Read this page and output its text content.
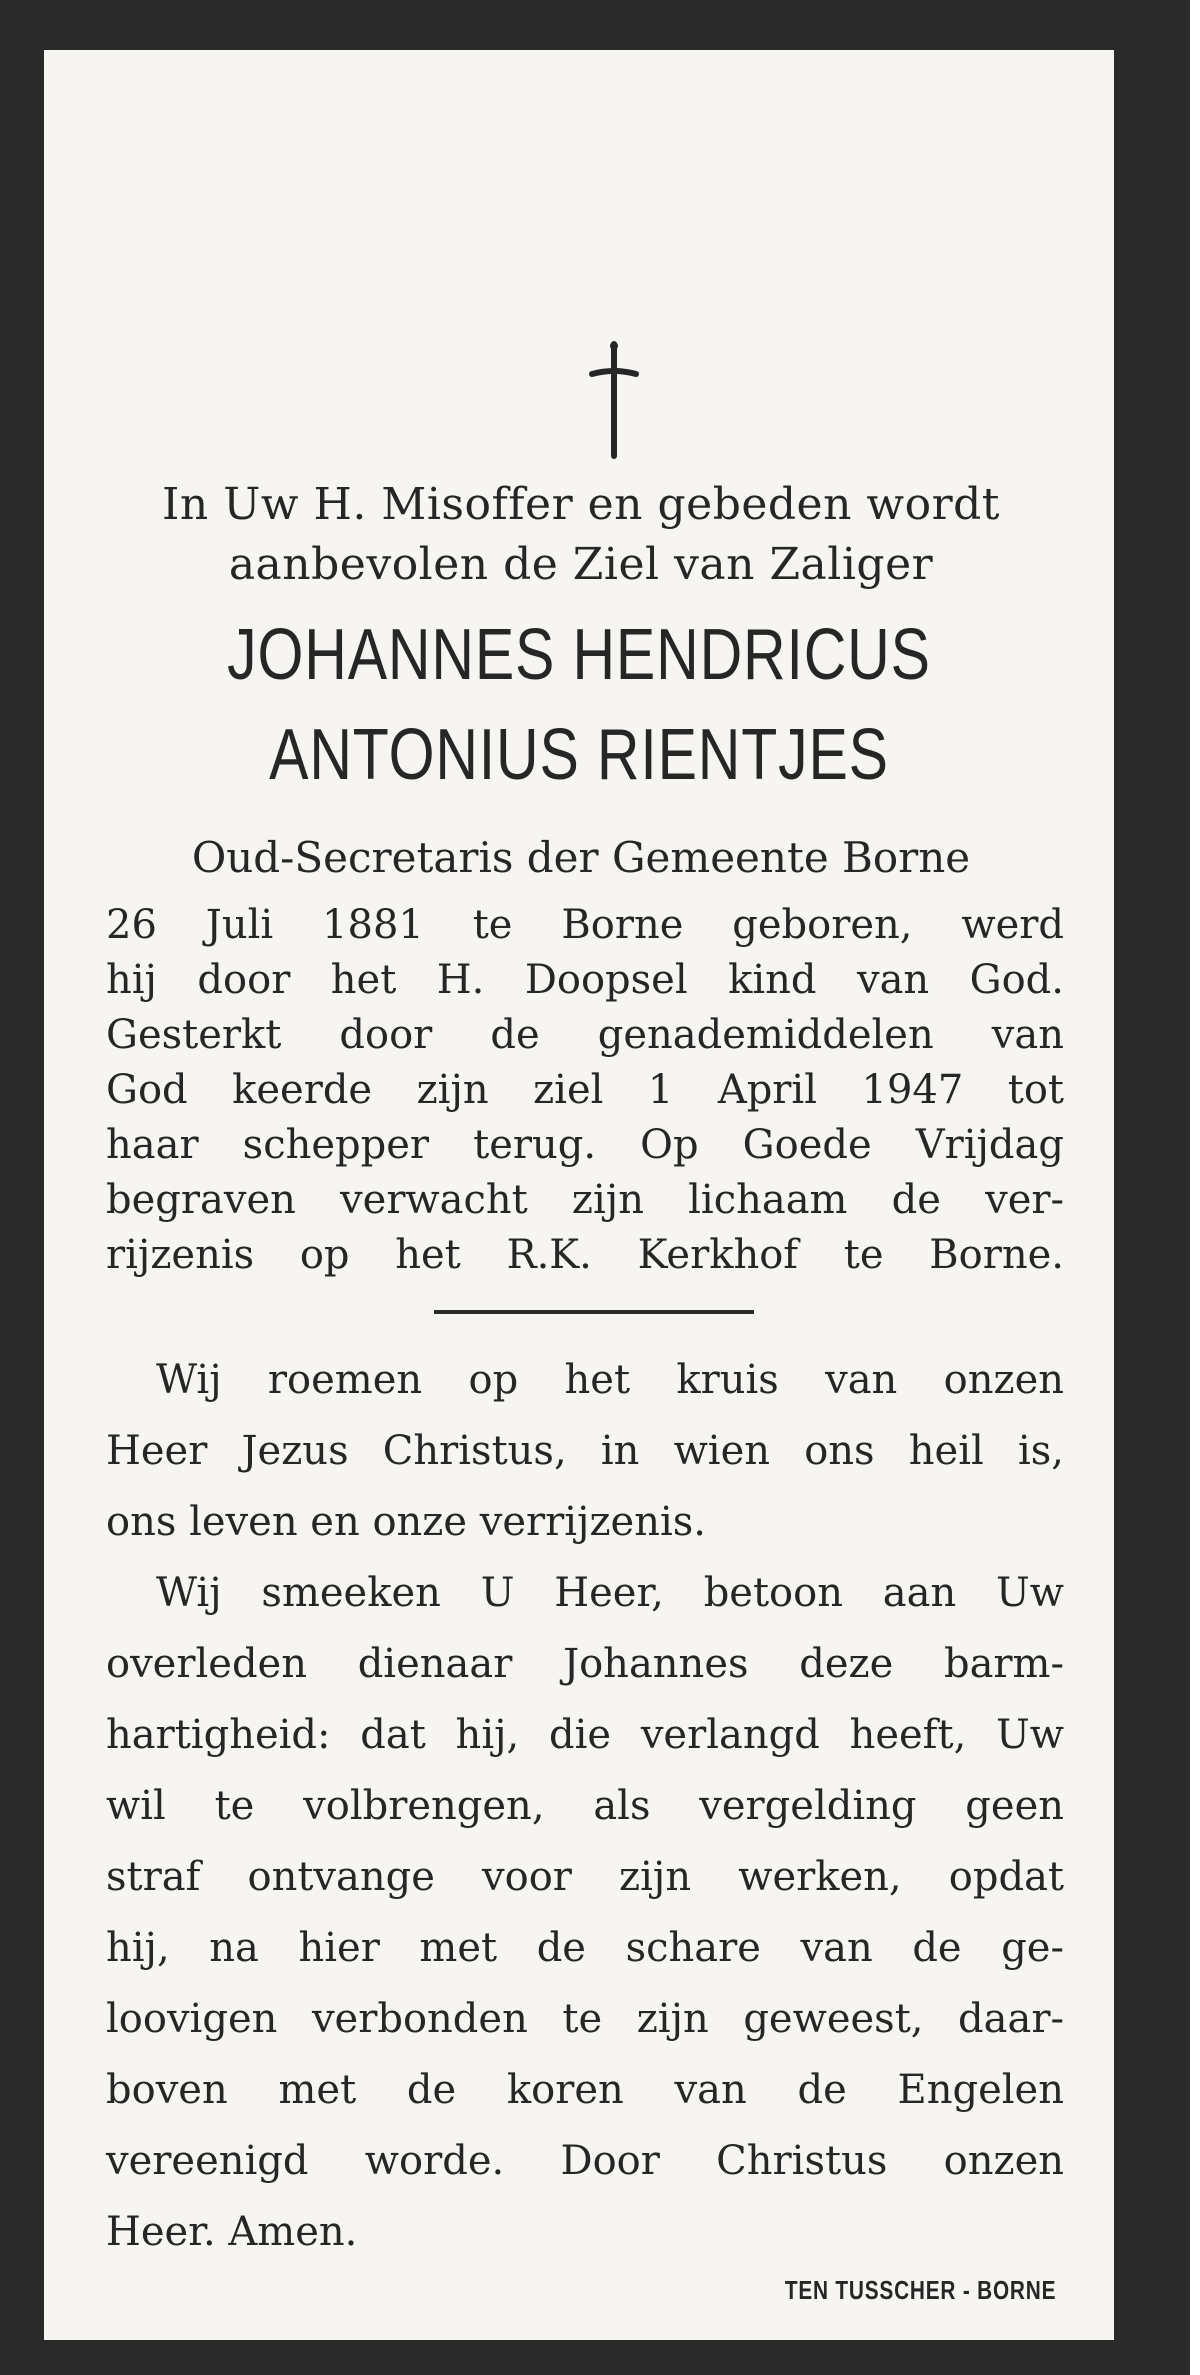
In Uw H. Misoffer en gebeden wordt
aanbevolen de Ziel van Zaliger
JOHANNES HENDRICUS
ANTONIUS RIENTJES
Oud-Secretaris der Gemeente Borne
26 Juli 1881 te Borne geboren, werd
hij door het H. Doopsel kind van God.
Gesterkt door de genademiddelen van
God keerde zijn ziel 1 April 1947 tot
haar schepper terug. Op Goede Vrijdag
begraven verwacht zijn lichaam de ver-
rijzenis op het R.K. Kerkhof te Borne.
Wij roemen op het kruis van onzen
Heer Jezus Christus, in wien ons heil is,
ons leven en onze verrijzenis.
Wij smeeken U Heer, betoon aan Uw
overleden dienaar Johannes deze barm-
hartigheid: dat hij, die verlangd heeft, Uw
wil te volbrengen, als vergelding geen
straf ontvange voor zijn werken, opdat
hij, na hier met de schare van de ge-
loovigen verbonden te zijn geweest, daar-
boven met de koren van de Engelen
vereenigd worde. Door Christus onzen
Heer. Amen.
TEN TUSSCHER - BORNE
